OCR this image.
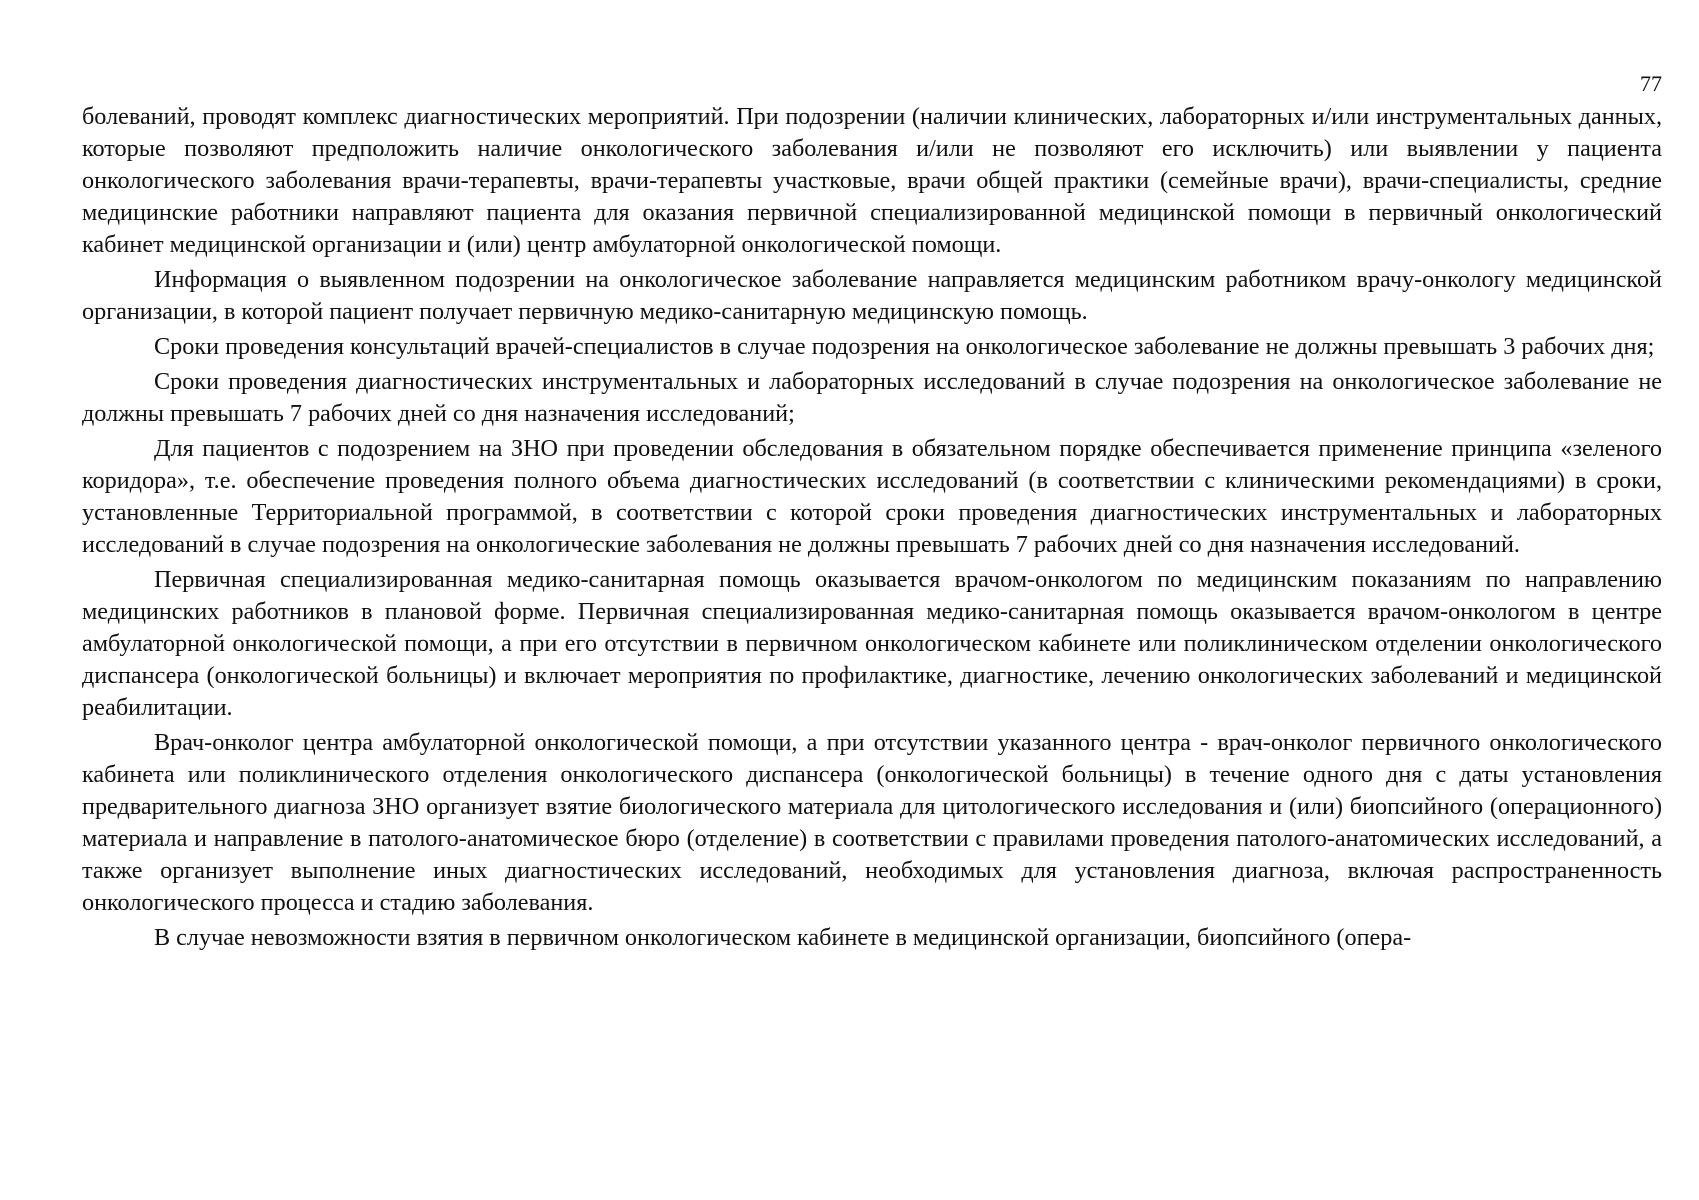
77

болеваний, проводят комплекс диагностических мероприятий. При подозрении (наличии клинических, лабораторных и/или инструментальных данных, которые позволяют предположить наличие онкологического заболевания и/или не позволяют его исключить) или выявлении у пациента онкологического заболевания врачи-терапевты, врачи-терапевты участковые, врачи общей практики (семейные врачи), врачи-специалисты, средние медицинские работники направляют пациента для оказания первичной специализированной медицинской помощи в первичный онкологический кабинет медицинской организации и (или) центр амбулаторной онкологической помощи.

Информация о выявленном подозрении на онкологическое заболевание направляется медицинским работником врачу-онкологу медицинской организации, в которой пациент получает первичную медико-санитарную медицинскую помощь.

Сроки проведения консультаций врачей-специалистов в случае подозрения на онкологическое заболевание не должны превышать 3 рабочих дня;

Сроки проведения диагностических инструментальных и лабораторных исследований в случае подозрения на онкологическое заболевание не должны превышать 7 рабочих дней со дня назначения исследований;

Для пациентов с подозрением на ЗНО при проведении обследования в обязательном порядке обеспечивается применение принципа «зеленого коридора», т.е. обеспечение проведения полного объема диагностических исследований (в соответствии с клиническими рекомендациями) в сроки, установленные Территориальной программой, в соответствии с которой сроки проведения диагностических инструментальных и лабораторных исследований в случае подозрения на онкологические заболевания не должны превышать 7 рабочих дней со дня назначения исследований.

Первичная специализированная медико-санитарная помощь оказывается врачом-онкологом по медицинским показаниям по направлению медицинских работников в плановой форме. Первичная специализированная медико-санитарная помощь оказывается врачом-онкологом в центре амбулаторной онкологической помощи, а при его отсутствии в первичном онкологическом кабинете или поликлиническом отделении онкологического диспансера (онкологической больницы) и включает мероприятия по профилактике, диагностике, лечению онкологических заболеваний и медицинской реабилитации.

Врач-онколог центра амбулаторной онкологической помощи, а при отсутствии указанного центра - врач-онколог первичного онкологического кабинета или поликлинического отделения онкологического диспансера (онкологической больницы) в течение одного дня с даты установления предварительного диагноза ЗНО организует взятие биологического материала для цитологического исследования и (или) биопсийного (операционного) материала и направление в патолого-анатомическое бюро (отделение) в соответствии с правилами проведения патолого-анатомических исследований, а также организует выполнение иных диагностических исследований, необходимых для установления диагноза, включая распространенность онкологического процесса и стадию заболевания.

В случае невозможности взятия в первичном онкологическом кабинете в медицинской организации, биопсийного (опера-
